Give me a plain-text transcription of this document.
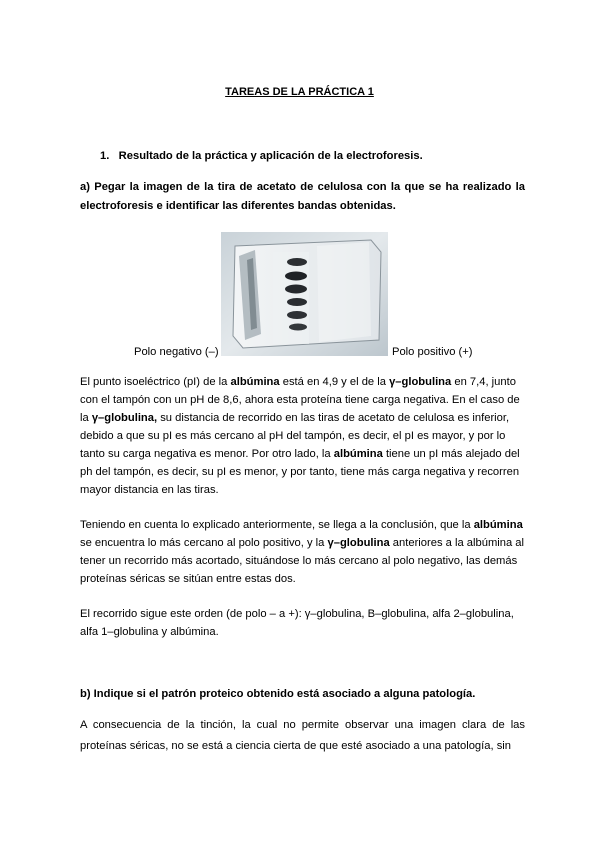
TAREAS DE LA PRÁCTICA 1
1. Resultado de la práctica y aplicación de la electroforesis.
a) Pegar la imagen de la tira de acetato de celulosa con la que se ha realizado la electroforesis e identificar las diferentes bandas obtenidas.
Polo negativo (–)	Polo positivo (+)
El punto isoeléctrico (pI) de la albúmina está en 4,9 y el de la γ–globulina en 7,4, junto
con el tampón con un pH de 8,6, ahora esta proteína tiene carga negativa. En el caso de
la γ–globulina, su distancia de recorrido en las tiras de acetato de celulosa es inferior,
debido a que su pI es más cercano al pH del tampón, es decir, el pI es mayor, y por lo
tanto su carga negativa es menor. Por otro lado, la albúmina tiene un pI más alejado del
ph del tampón, es decir, su pI es menor, y por tanto, tiene más carga negativa y recorren
mayor distancia en las tiras.
Teniendo en cuenta lo explicado anteriormente, se llega a la conclusión, que la albúmina
se encuentra lo más cercano al polo positivo, y la γ–globulina anteriores a la albúmina al
tener un recorrido más acortado, situándose lo más cercano al polo negativo, las demás
proteínas séricas se sitúan entre estas dos.
El recorrido sigue este orden (de polo – a +): γ–globulina, B–globulina, alfa 2–globulina,
alfa 1–globulina y albúmina.
b) Indique si el patrón proteico obtenido está asociado a alguna patología.
A consecuencia de la tinción, la cual no permite observar una imagen clara de las proteínas séricas, no se está a ciencia cierta de que esté asociado a una patología, sin
